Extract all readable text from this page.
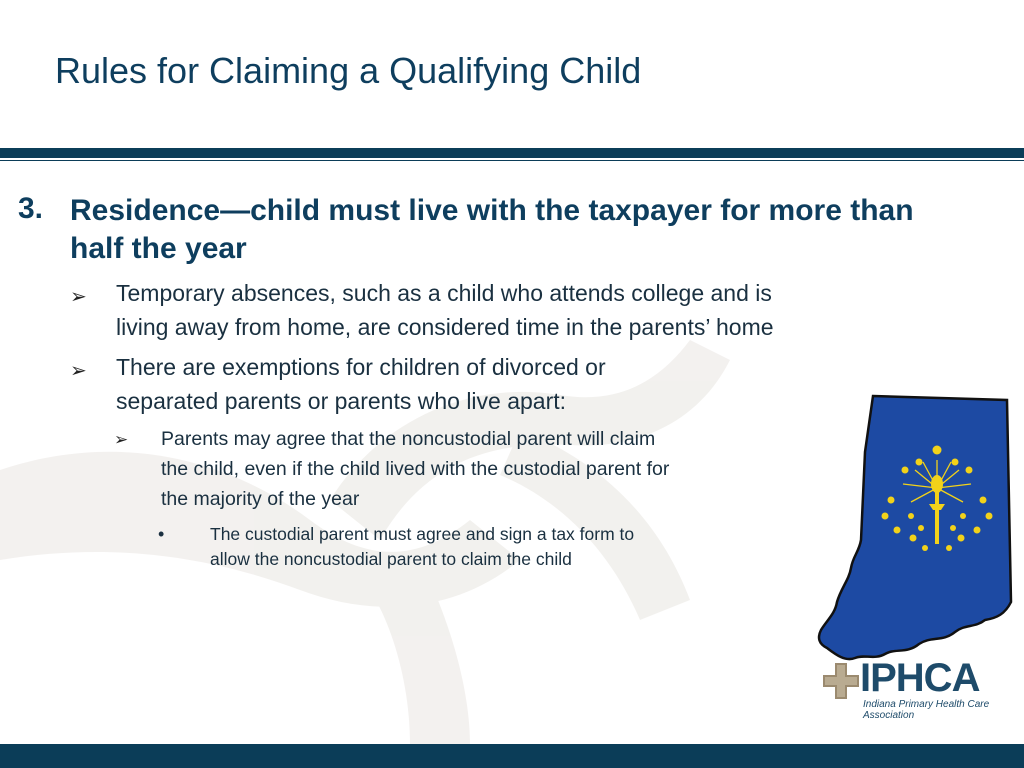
Rules for Claiming a Qualifying Child
3. Residence—child must live with the taxpayer for more than half the year
➢ Temporary absences, such as a child who attends college and is
living away from home, are considered time in the parents’ home
➢ There are exemptions for children of divorced or
separated parents or parents who live apart:
➢ Parents may agree that the noncustodial parent will claim
the child, even if the child lived with the custodial parent for
the majority of the year
•	The custodial parent must agree and sign a tax form to
allow the noncustodial parent to claim the child
IPHCA
Indiana Primary Health Care
Association
